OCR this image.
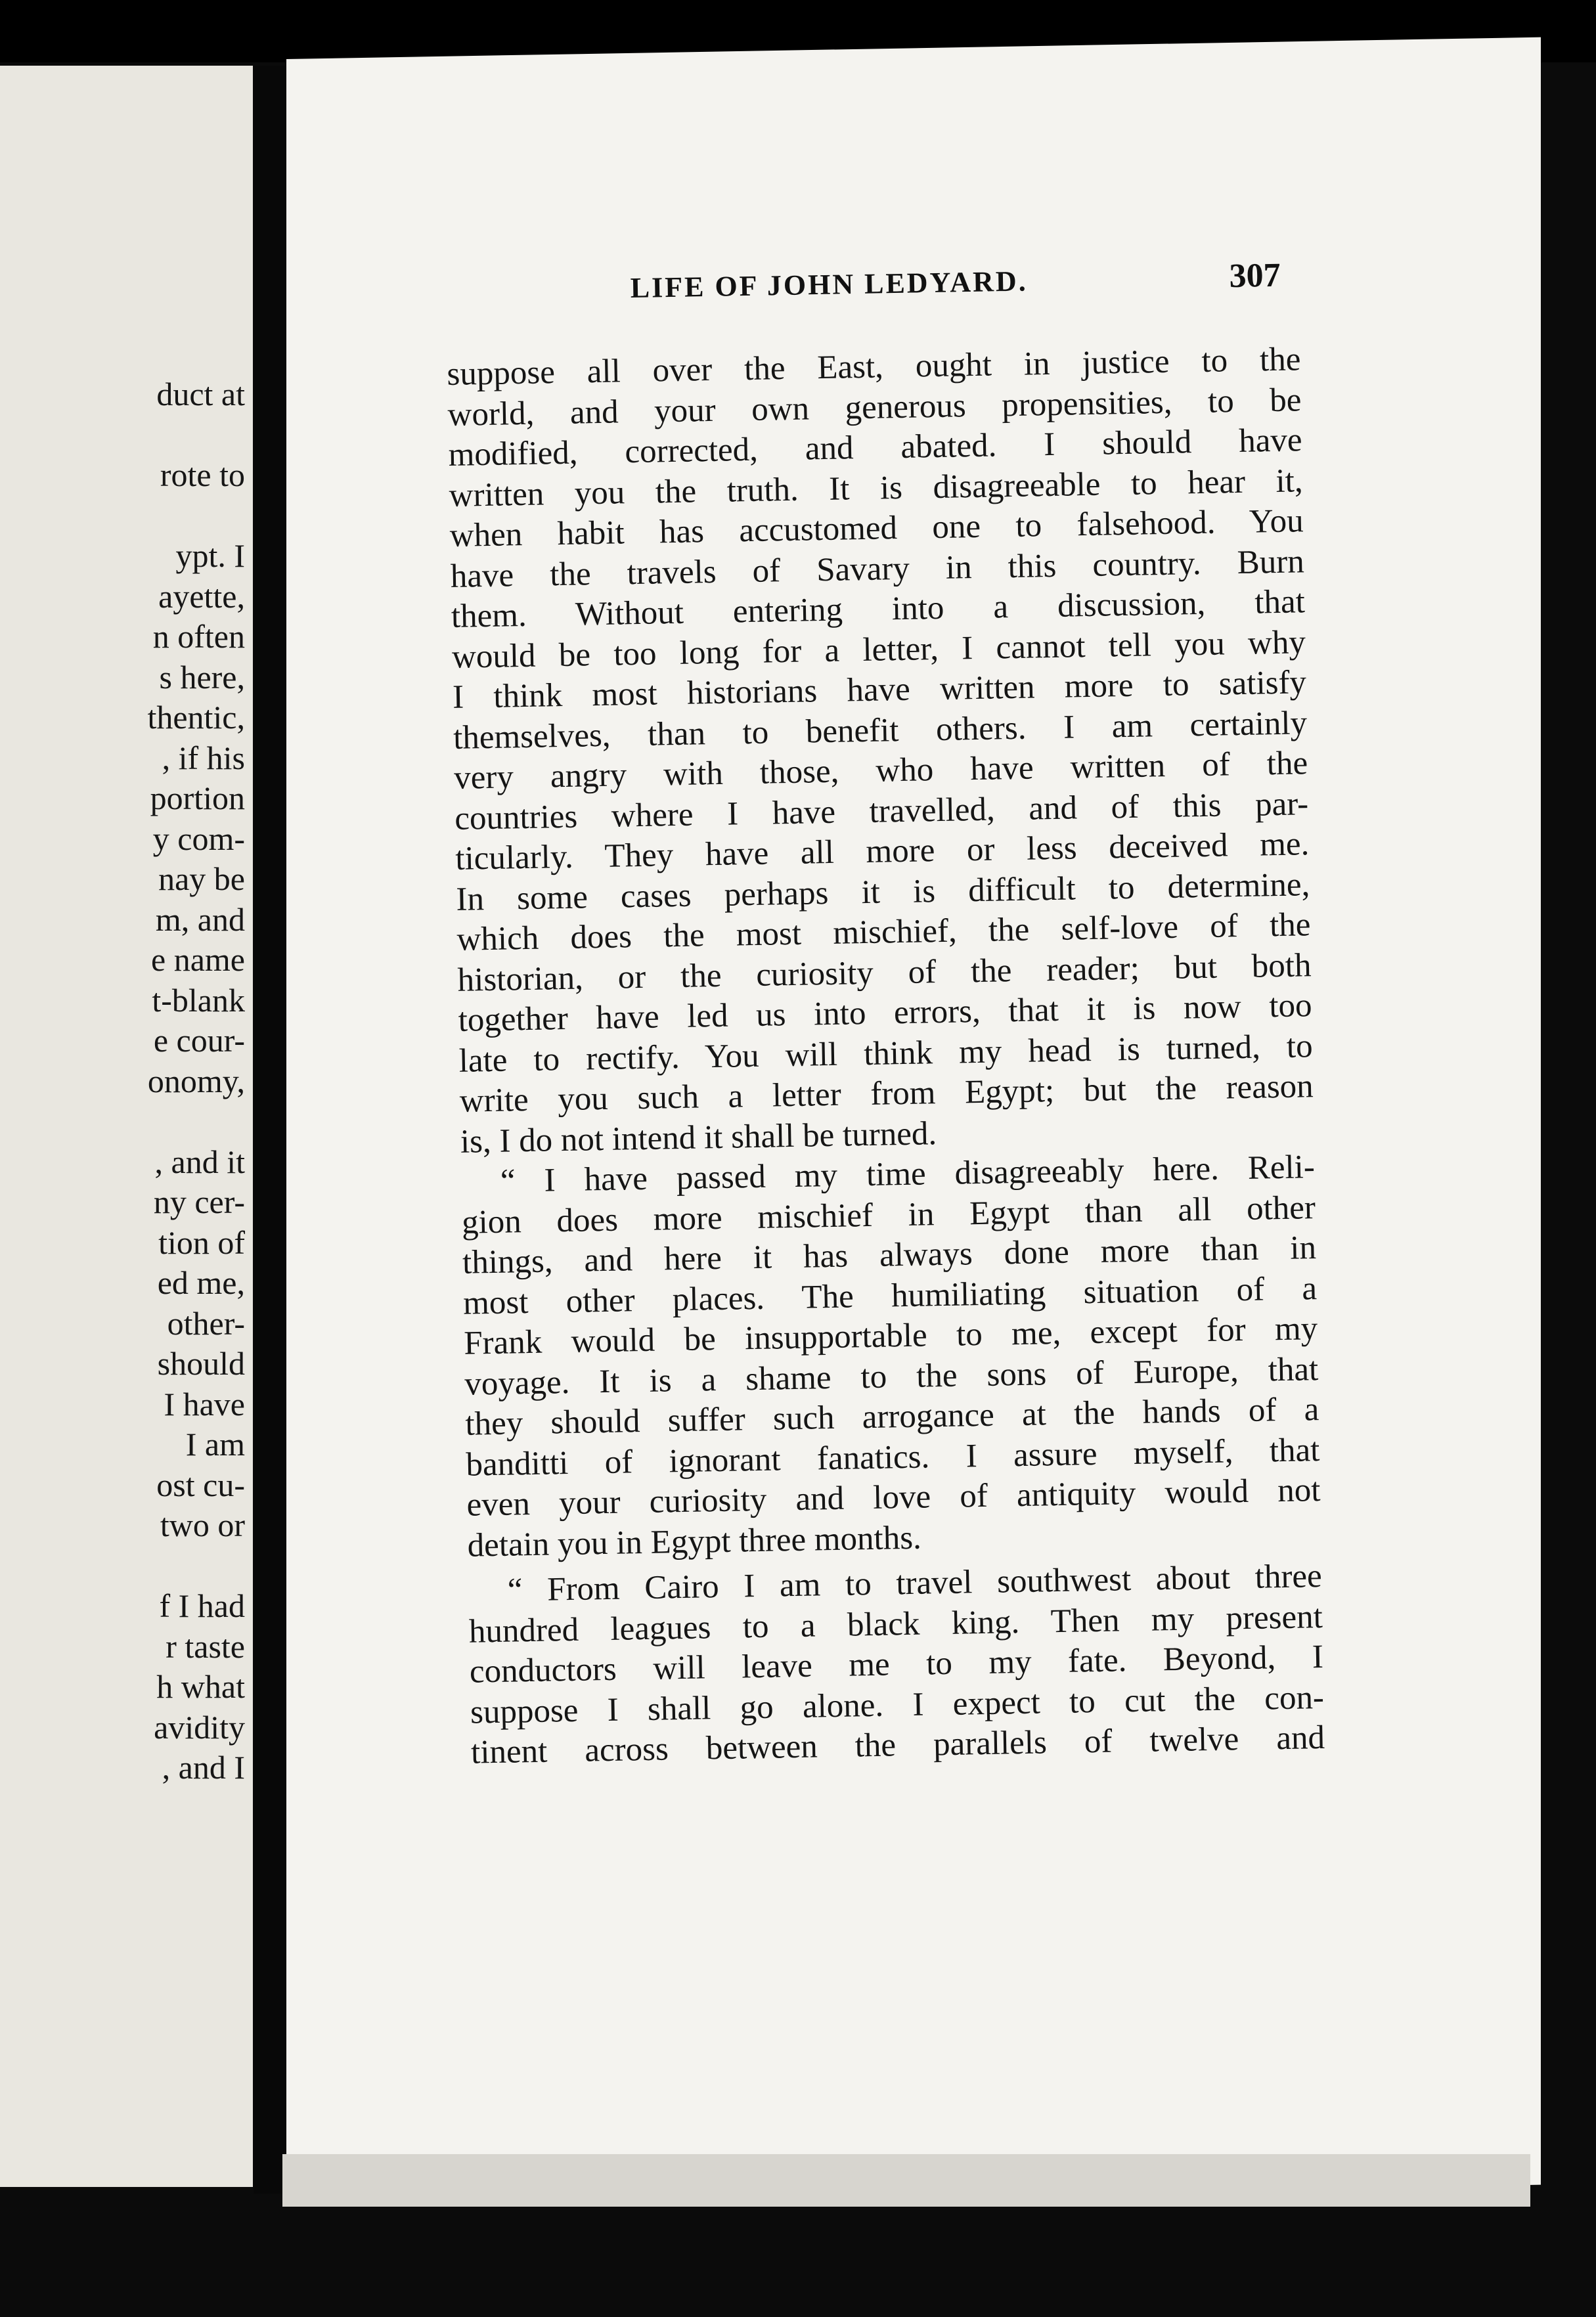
duct at
rote to
ypt. I
ayette,
n often
s here,
thentic,
, if his
portion
y com-
nay be
m, and
e name
t-blank
e cour-
onomy,
, and it
ny cer-
tion of
ed me,
other-
should
I have
I am
ost cu-
two or
f I had
r taste
h what
avidity
, and I
LIFE OF JOHN LEDYARD.	307
suppose all over the East, ought in justice to the
world, and your own generous propensities, to be
modified, corrected, and abated. I should have
written you the truth. It is disagreeable to hear it,
when habit has accustomed one to falsehood. You
have the travels of Savary in this country. Burn
them. Without entering into a discussion, that
would be too long for a letter, I cannot tell you why
I think most historians have written more to satisfy
themselves, than to benefit others. I am certainly
very angry with those, who have written of the
countries where I have travelled, and of this par-
ticularly. They have all more or less deceived me.
In some cases perhaps it is difficult to determine,
which does the most mischief, the self-love of the
historian, or the curiosity of the reader; but both
together have led us into errors, that it is now too
late to rectify. You will think my head is turned, to
write you such a letter from Egypt; but the reason
is, I do not intend it shall be turned.
“ I have passed my time disagreeably here. Reli-
gion does more mischief in Egypt than all other
things, and here it has always done more than in
most other places. The humiliating situation of a
Frank would be insupportable to me, except for my
voyage. It is a shame to the sons of Europe, that
they should suffer such arrogance at the hands of a
banditti of ignorant fanatics. I assure myself, that
even your curiosity and love of antiquity would not
detain you in Egypt three months.
“ From Cairo I am to travel southwest about three
hundred leagues to a black king. Then my present
conductors will leave me to my fate. Beyond, I
suppose I shall go alone. I expect to cut the con-
tinent across between the parallels of twelve and
